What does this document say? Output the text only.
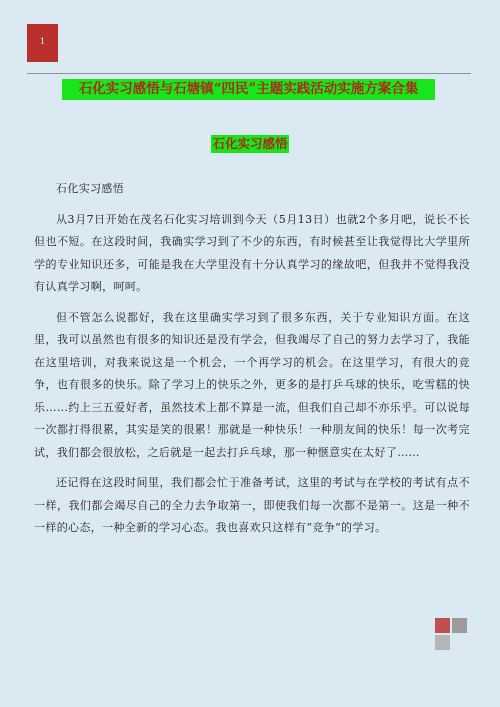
1
石化实习感悟与石塘镇“四民”主题实践活动实施方案合集
石化实习感悟

石化实习感悟

从3月7日开始在茂名石化实习培训到今天（5月13日）也就2个多月吧，说长不长但也不短。在这段时间，我确实学习到了不少的东西，有时候甚至让我觉得比大学里所学的专业知识还多，可能是我在大学里没有十分认真学习的缘故吧，但我并不觉得我没有认真学习啊，呵呵。

但不管怎么说都好，我在这里确实学习到了很多东西，关于专业知识方面。在这里，我可以虽然也有很多的知识还是没有学会，但我竭尽了自己的努力去学习了，我能在这里培训，对我来说这是一个机会，一个再学习的机会。在这里学习，有很大的竞争，也有很多的快乐。除了学习上的快乐之外，更多的是打乒乓球的快乐，吃雪糕的快乐……约上三五爱好者，虽然技术上都不算是一流，但我们自己却不亦乐乎。可以说每一次都打得很累，其实是笑的很累！那就是一种快乐！一种朋友间的快乐！每一次考完试，我们都会很放松，之后就是一起去打乒乓球，那一种惬意实在太好了……

还记得在这段时间里，我们都会忙于准备考试，这里的考试与在学校的考试有点不一样，我们都会竭尽自己的全力去争取第一，即使我们每一次都不是第一。这是一种不一样的心态，一种全新的学习心态。我也喜欢只这样有“竞争”的学习。
